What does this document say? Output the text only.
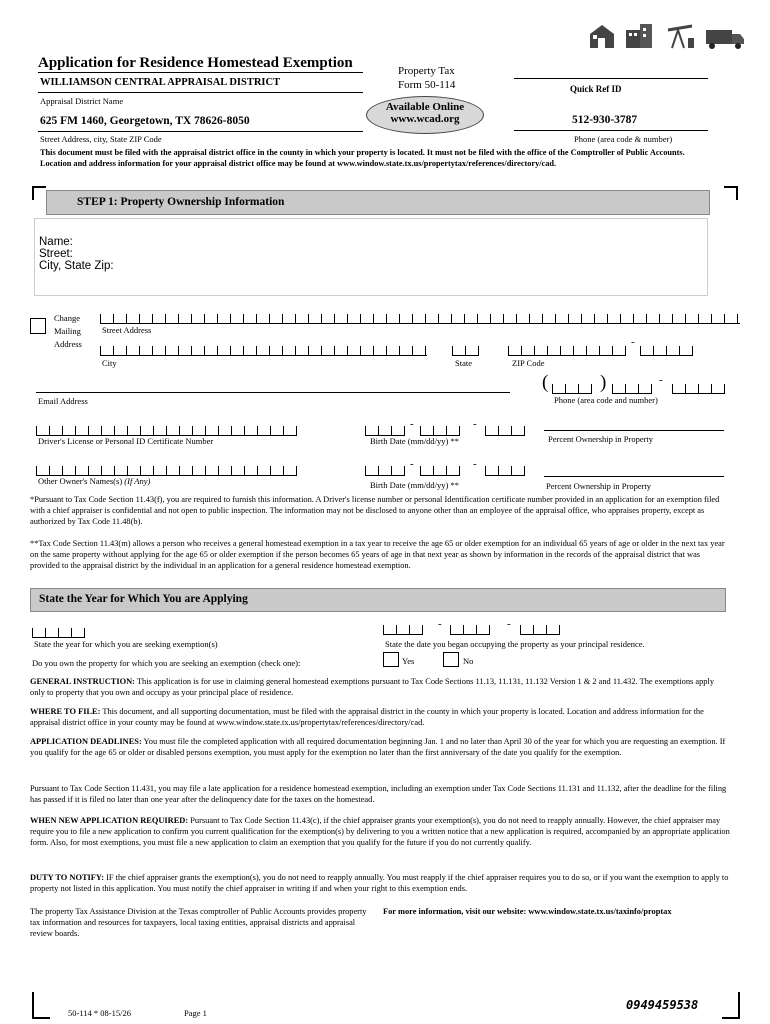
Application for Residence Homestead Exemption
WILLIAMSON CENTRAL APPRAISAL DISTRICT
Appraisal District Name
625 FM 1460, Georgetown, TX 78626-8050
Street Address, city, State ZIP Code
Property Tax
Form 50-114
Available Online
www.wcad.org
Quick Ref ID
512-930-3787
Phone (area code & number)
This document must be filed with the appraisal district office in the county in which your property is located. It must not be filed with the office of the Comptroller of Public Accounts. Location and address information for your appraisal district office may be found at www.window.state.tx.us/propertytax/references/directory/cad.
STEP 1: Property Ownership Information
Name:
Street:
City, State Zip:
Change
Mailing
Address
Street Address
-
City	State	ZIP Code
Email Address
(	)	-
Phone (area code and number)
Driver's License or Personal ID Certificate Number
-	-
Birth Date (mm/dd/yy) **	Percent Ownership in Property
Other Owner's Names(s) (If Any)
-	-
Birth Date (mm/dd/yy) **	Percent Ownership in Property
*Pursuant to Tax Code Section 11.43(f), you are required to furnish this information. A Driver's license number or personal Identification certificate number provided in an application for an exemption filed with a chief appraiser is confidential and not open to public inspection. The information may not be disclosed to anyone other than an employee of the appraisal office, who appraises property, except as authorized by Tax Code 11.48(b).
**Tax Code Section 11.43(m) allows a person who receives a general homestead exemption in a tax year to receive the age 65 or older exemption for an individual 65 years of age or older in the next tax year on the same property without applying for the age 65 or older exemption if the person becomes 65 years of age in that next year as shown by information in the records of the appraisal district that was provided to the appraisal district by the individual in an application for a general residence homestead exemption.
State the Year for Which You are Applying
State the year for which you are seeking exemption(s)
-	-
State the date you began occupying the property as your principal residence.
Do you own the property for which you are seeking an exemption (check one):	Yes	No
GENERAL INSTRUCTION: This application is for use in claiming general homestead exemptions pursuant to Tax Code Sections 11.13, 11.131, 11.132 Version 1 & 2 and 11.432. The exemptions apply only to property that you own and occupy as your principal place of residence.
WHERE TO FILE: This document, and all supporting documentation, must be filed with the appraisal district in the county in which your property is located. Location and address information for the appraisal district office in your county may be found at www.window.state.tx.us/propertytax/references/directory/cad.
APPLICATION DEADLINES: You must file the completed application with all required documentation beginning Jan. 1 and no later than April 30 of the year for which you are requesting an exemption. If you qualify for the age 65 or older or disabled persons exemption, you must apply for the exemption no later than the first anniversary of the date you qualify for the exemption.
Pursuant to Tax Code Section 11.431, you may file a late application for a residence homestead exemption, including an exemption under Tax Code Sections 11.131 and 11.132, after the deadline for the filing has passed if it is filed no later than one year after the delinquency date for the taxes on the homestead.
WHEN NEW APPLICATION REQUIRED: Pursuant to Tax Code Section 11.43(c), if the chief appraiser grants your exemption(s), you do not need to reapply annually. However, the chief appraiser may require you to file a new application to confirm you current qualification for the exemption(s) by delivering to you a written notice that a new application is required, accompanied by an appropriate application form. Also, for most exemptions, you must file a new application to claim an exemption that you qualify for the future if you do not currently qualify.
DUTY TO NOTIFY: IF the chief appraiser grants the exemption(s), you do not need to reapply annually. You must reapply if the chief appraiser requires you to do so, or if you want the exemption to apply to property not listed in this application. You must notify the chief appraiser in writing if and when your right to this exemption ends.
The property Tax Assistance Division at the Texas comptroller of Public Accounts provides property tax information and resources for taxpayers, local taxing entities, appraisal districts and appraisal review boards.
For more information, visit our website: www.window.state.tx.us/taxinfo/proptax
50-114 * 08-15/26	Page 1
0949459538
